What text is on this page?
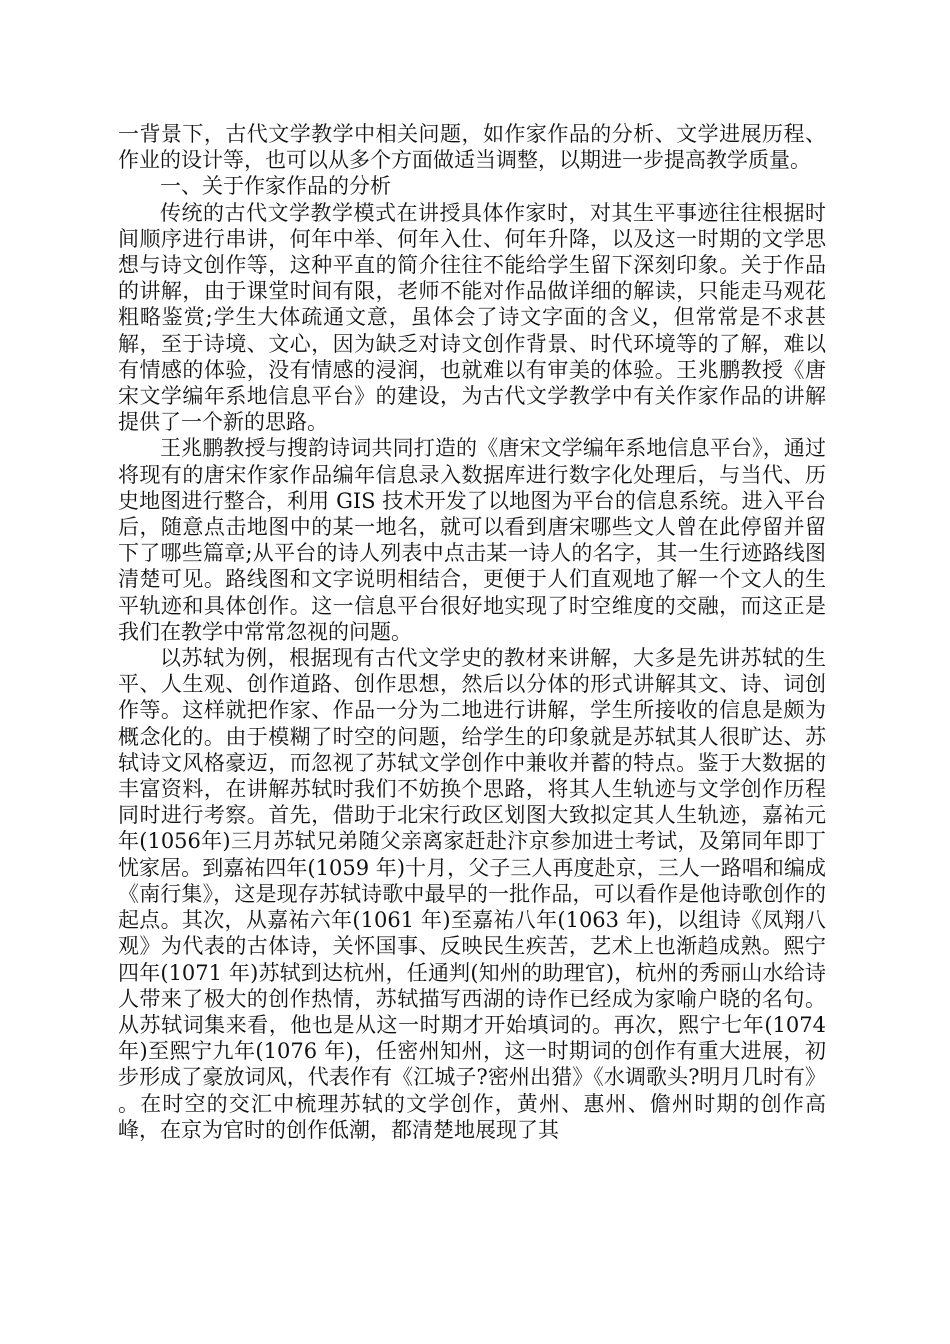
一背景下，古代文学教学中相关问题，如作家作品的分析、文学进展历程、作业的设计等，也可以从多个方面做适当调整，以期进一步提高教学质量。

一、关于作家作品的分析

传统的古代文学教学模式在讲授具体作家时，对其生平事迹往往根据时间顺序进行串讲，何年中举、何年入仕、何年升降，以及这一时期的文学思想与诗文创作等，这种平直的简介往往不能给学生留下深刻印象。关于作品的讲解，由于课堂时间有限，老师不能对作品做详细的解读，只能走马观花粗略鉴赏;学生大体疏通文意，虽体会了诗文字面的含义，但常常是不求甚解，至于诗境、文心，因为缺乏对诗文创作背景、时代环境等的了解，难以有情感的体验，没有情感的浸润，也就难以有审美的体验。王兆鹏教授《唐宋文学编年系地信息平台》的建设，为古代文学教学中有关作家作品的讲解提供了一个新的思路。

王兆鹏教授与搜韵诗词共同打造的《唐宋文学编年系地信息平台》，通过将现有的唐宋作家作品编年信息录入数据库进行数字化处理后，与当代、历史地图进行整合，利用 GIS 技术开发了以地图为平台的信息系统。进入平台后，随意点击地图中的某一地名，就可以看到唐宋哪些文人曾在此停留并留下了哪些篇章;从平台的诗人列表中点击某一诗人的名字，其一生行迹路线图清楚可见。路线图和文字说明相结合，更便于人们直观地了解一个文人的生平轨迹和具体创作。这一信息平台很好地实现了时空维度的交融，而这正是我们在教学中常常忽视的问题。

以苏轼为例，根据现有古代文学史的教材来讲解，大多是先讲苏轼的生平、人生观、创作道路、创作思想，然后以分体的形式讲解其文、诗、词创作等。这样就把作家、作品一分为二地进行讲解，学生所接收的信息是颇为概念化的。由于模糊了时空的问题，给学生的印象就是苏轼其人很旷达、苏轼诗文风格豪迈，而忽视了苏轼文学创作中兼收并蓄的特点。鉴于大数据的丰富资料，在讲解苏轼时我们不妨换个思路，将其人生轨迹与文学创作历程同时进行考察。首先，借助于北宋行政区划图大致拟定其人生轨迹，嘉祐元年(1056年)三月苏轼兄弟随父亲离家赶赴汴京参加进士考试，及第同年即丁忧家居。到嘉祐四年(1059 年)十月，父子三人再度赴京，三人一路唱和编成《南行集》，这是现存苏轼诗歌中最早的一批作品，可以看作是他诗歌创作的起点。其次，从嘉祐六年(1061 年)至嘉祐八年(1063 年)，以组诗《凤翔八观》为代表的古体诗，关怀国事、反映民生疾苦，艺术上也渐趋成熟。熙宁四年(1071 年)苏轼到达杭州，任通判(知州的助理官)，杭州的秀丽山水给诗人带来了极大的创作热情，苏轼描写西湖的诗作已经成为家喻户晓的名句。从苏轼词集来看，他也是从这一时期才开始填词的。再次，熙宁七年(1074 年)至熙宁九年(1076 年)，任密州知州，这一时期词的创作有重大进展，初步形成了豪放词风，代表作有《江城子?密州出猎》《水调歌头?明月几时有》 。在时空的交汇中梳理苏轼的文学创作，黄州、惠州、儋州时期的创作高峰，在京为官时的创作低潮，都清楚地展现了其
